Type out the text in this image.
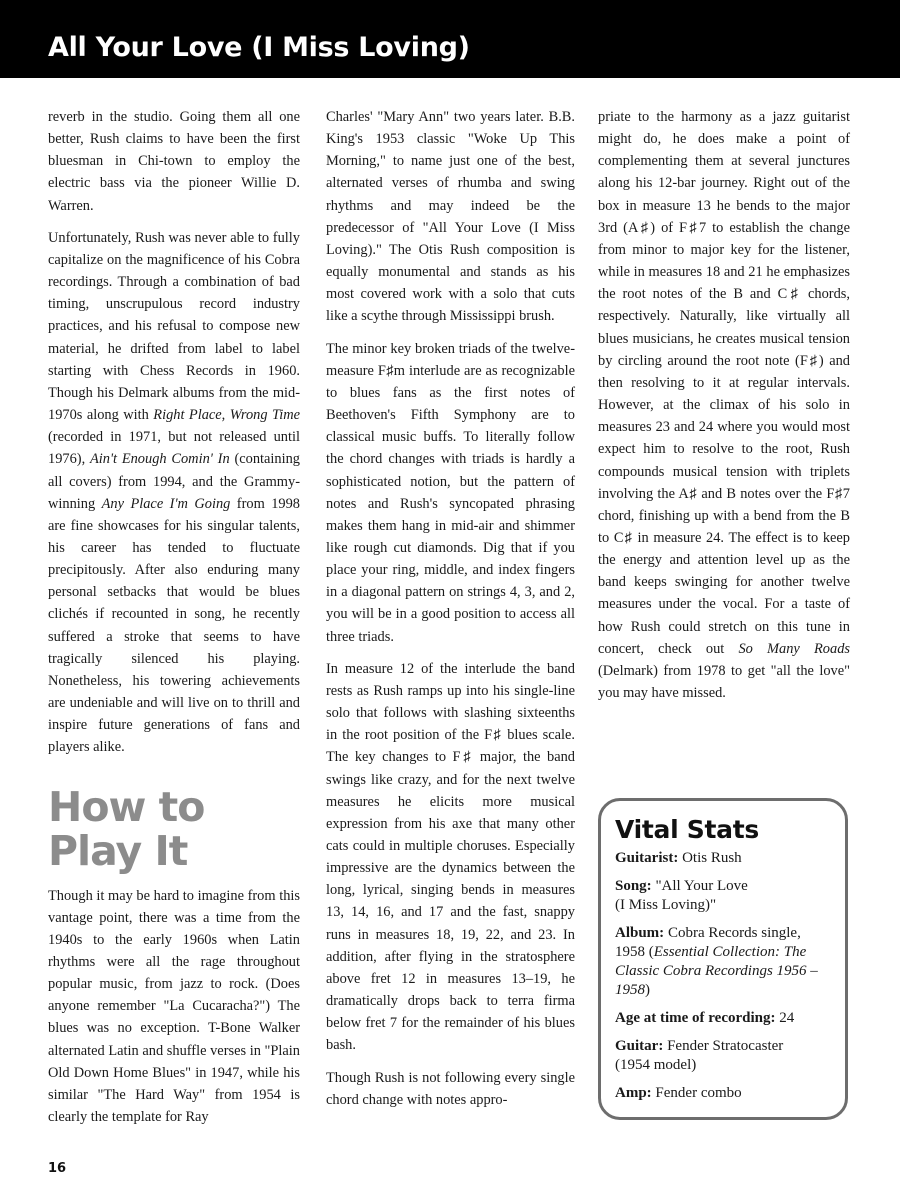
All Your Love (I Miss Loving)

reverb in the studio. Going them all one better, Rush claims to have been the first bluesman in Chi-town to employ the electric bass via the pioneer Willie D. Warren.

Unfortunately, Rush was never able to fully capitalize on the magnificence of his Cobra recordings. Through a combination of bad timing, unscrupulous record industry practices, and his refusal to compose new material, he drifted from label to label starting with Chess Records in 1960. Though his Delmark albums from the mid-1970s along with Right Place, Wrong Time (recorded in 1971, but not released until 1976), Ain't Enough Comin' In (containing all covers) from 1994, and the Grammy-winning Any Place I'm Going from 1998 are fine showcases for his singular talents, his career has tended to fluctuate precipitously. After also enduring many personal setbacks that would be blues clichés if recounted in song, he recently suffered a stroke that seems to have tragically silenced his playing. Nonetheless, his towering achievements are undeniable and will live on to thrill and inspire future generations of fans and players alike.

How to
Play It

Though it may be hard to imagine from this vantage point, there was a time from the 1940s to the early 1960s when Latin rhythms were all the rage throughout popular music, from jazz to rock. (Does anyone remember "La Cucaracha?") The blues was no exception. T-Bone Walker alternated Latin and shuffle verses in "Plain Old Down Home Blues" in 1947, while his similar "The Hard Way" from 1954 is clearly the template for Ray

Charles' "Mary Ann" two years later. B.B. King's 1953 classic "Woke Up This Morning," to name just one of the best, alternated verses of rhumba and swing rhythms and may indeed be the predecessor of "All Your Love (I Miss Loving)." The Otis Rush composition is equally monumental and stands as his most covered work with a solo that cuts like a scythe through Mississippi brush.

The minor key broken triads of the twelve-measure F♯m interlude are as recognizable to blues fans as the first notes of Beethoven's Fifth Symphony are to classical music buffs. To literally follow the chord changes with triads is hardly a sophisticated notion, but the pattern of notes and Rush's syncopated phrasing makes them hang in mid-air and shimmer like rough cut diamonds. Dig that if you place your ring, middle, and index fingers in a diagonal pattern on strings 4, 3, and 2, you will be in a good position to access all three triads.

In measure 12 of the interlude the band rests as Rush ramps up into his single-line solo that follows with slashing sixteenths in the root position of the F♯ blues scale. The key changes to F♯ major, the band swings like crazy, and for the next twelve measures he elicits more musical expression from his axe that many other cats could in multiple choruses. Especially impressive are the dynamics between the long, lyrical, singing bends in measures 13, 14, 16, and 17 and the fast, snappy runs in measures 18, 19, 22, and 23. In addition, after flying in the stratosphere above fret 12 in measures 13–19, he dramatically drops back to terra firma below fret 7 for the remainder of his blues bash.

Though Rush is not following every single chord change with notes appro-

priate to the harmony as a jazz guitarist might do, he does make a point of complementing them at several junctures along his 12-bar journey. Right out of the box in measure 13 he bends to the major 3rd (A♯) of F♯7 to establish the change from minor to major key for the listener, while in measures 18 and 21 he emphasizes the root notes of the B and C♯ chords, respectively. Naturally, like virtually all blues musicians, he creates musical tension by circling around the root note (F♯) and then resolving to it at regular intervals. However, at the climax of his solo in measures 23 and 24 where you would most expect him to resolve to the root, Rush compounds musical tension with triplets involving the A♯ and B notes over the F♯7 chord, finishing up with a bend from the B to C♯ in measure 24. The effect is to keep the energy and attention level up as the band keeps swinging for another twelve measures under the vocal. For a taste of how Rush could stretch on this tune in concert, check out So Many Roads (Delmark) from 1978 to get "all the love" you may have missed.

Vital Stats
Guitarist: Otis Rush
Song: "All Your Love
(I Miss Loving)"
Album: Cobra Records single,
1958 (Essential Collection: The Classic Cobra Recordings 1956 – 1958)
Age at time of recording: 24
Guitar: Fender Stratocaster
(1954 model)
Amp: Fender combo
16
